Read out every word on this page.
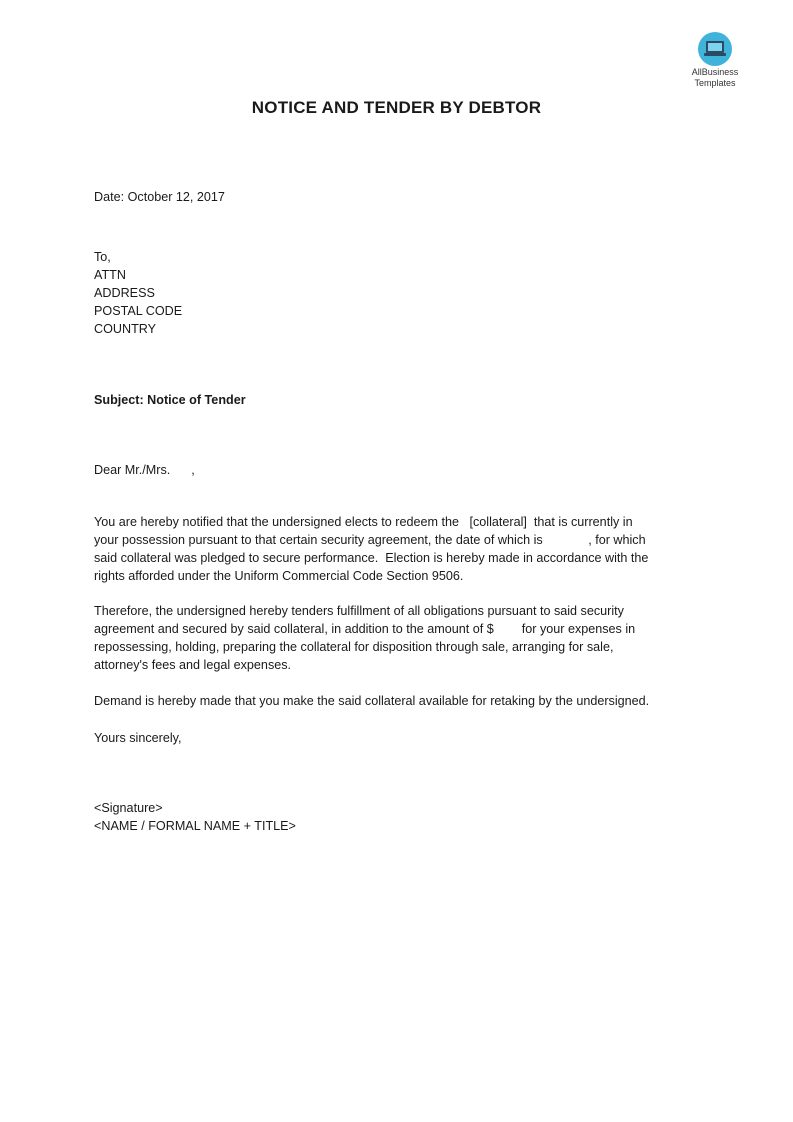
AllBusiness
Templates
NOTICE AND TENDER BY DEBTOR
Date: October 12, 2017
To,
ATTN
ADDRESS
POSTAL CODE
COUNTRY
Subject: Notice of Tender
Dear Mr./Mrs.      ,
You are hereby notified that the undersigned elects to redeem the   [collateral]  that is currently in
your possession pursuant to that certain security agreement, the date of which is             , for which
said collateral was pledged to secure performance.  Election is hereby made in accordance with the
rights afforded under the Uniform Commercial Code Section 9506.
Therefore, the undersigned hereby tenders fulfillment of all obligations pursuant to said security
agreement and secured by said collateral, in addition to the amount of $        for your expenses in
repossessing, holding, preparing the collateral for disposition through sale, arranging for sale,
attorney's fees and legal expenses.
Demand is hereby made that you make the said collateral available for retaking by the undersigned.
Yours sincerely,
<Signature>
<NAME / FORMAL NAME + TITLE>
